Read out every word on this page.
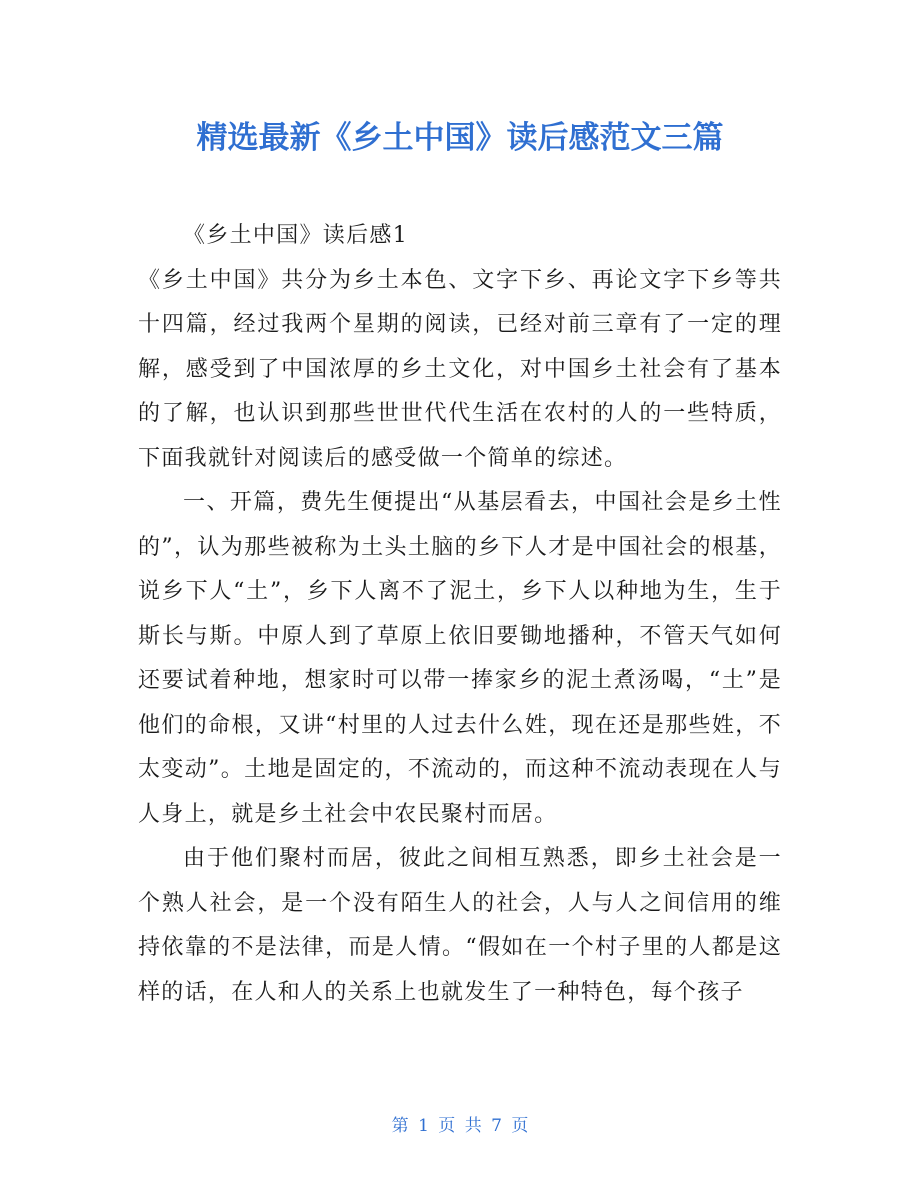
精选最新《乡土中国》读后感范文三篇

《乡土中国》读后感1

《乡土中国》共分为乡土本色、文字下乡、再论文字下乡等共十四篇，经过我两个星期的阅读，已经对前三章有了一定的理解，感受到了中国浓厚的乡土文化，对中国乡土社会有了基本的了解，也认识到那些世世代代生活在农村的人的一些特质，下面我就针对阅读后的感受做一个简单的综述。

一、开篇，费先生便提出“从基层看去，中国社会是乡土性的”，认为那些被称为土头土脑的乡下人才是中国社会的根基，说乡下人“土”，乡下人离不了泥土，乡下人以种地为生，生于斯长与斯。中原人到了草原上依旧要锄地播种，不管天气如何还要试着种地，想家时可以带一捧家乡的泥土煮汤喝，“土”是他们的命根，又讲“村里的人过去什么姓，现在还是那些姓，不太变动”。土地是固定的，不流动的，而这种不流动表现在人与人身上，就是乡土社会中农民聚村而居。

由于他们聚村而居，彼此之间相互熟悉，即乡土社会是一个熟人社会，是一个没有陌生人的社会，人与人之间信用的维持依靠的不是法律，而是人情。“假如在一个村子里的人都是这样的话，在人和人的关系上也就发生了一种特色，每个孩子

第 1 页 共 7 页
